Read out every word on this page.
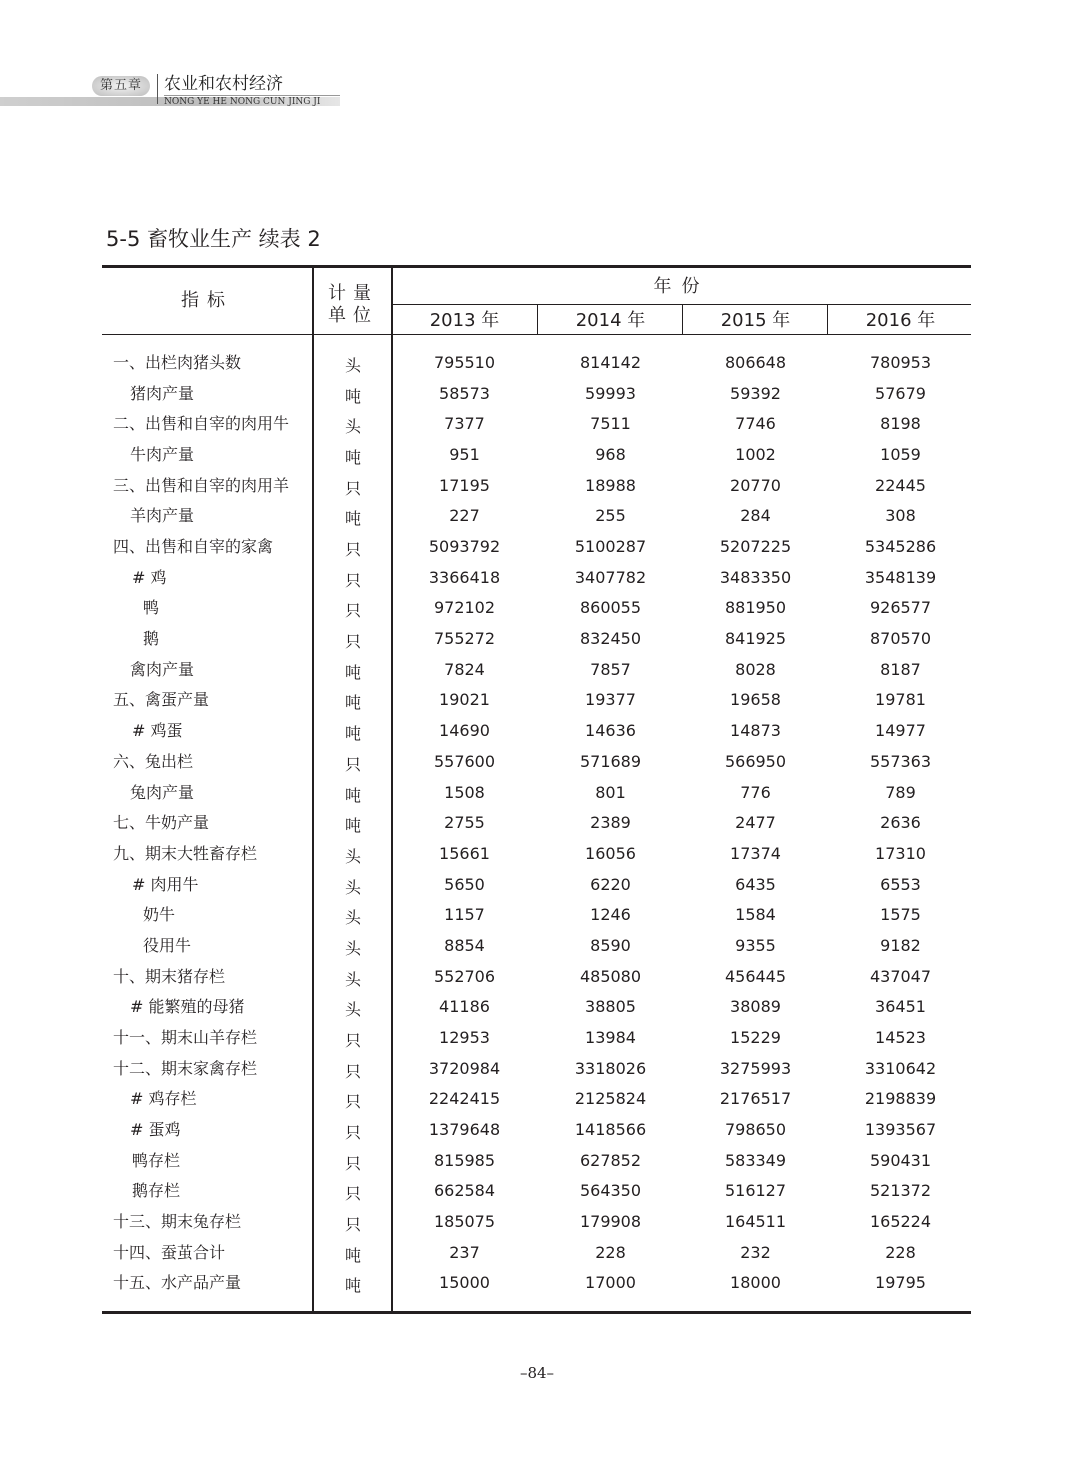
第五章	农业和农村经济
NONG YE HE NONG CUN JING JI
5-5 畜牧业生产 续表 2
指标	计量
单位
年份
2013 年	2014 年	2015 年	2016 年
一、出栏肉猪头数	头	795510	814142	806648	780953
猪肉产量	吨	58573	59993	59392	57679
二、出售和自宰的肉用牛	头	7377	7511	7746	8198
牛肉产量	吨	951	968	1002	1059
三、出售和自宰的肉用羊	只	17195	18988	20770	22445
羊肉产量	吨	227	255	284	308
四、出售和自宰的家禽	只	5093792	5100287	5207225	5345286
# 鸡	只	3366418	3407782	3483350	3548139
鸭	只	972102	860055	881950	926577
鹅	只	755272	832450	841925	870570
禽肉产量	吨	7824	7857	8028	8187
五、禽蛋产量	吨	19021	19377	19658	19781
# 鸡蛋	吨	14690	14636	14873	14977
六、兔出栏	只	557600	571689	566950	557363
兔肉产量	吨	1508	801	776	789
七、牛奶产量	吨	2755	2389	2477	2636
九、期末大牲畜存栏	头	15661	16056	17374	17310
# 肉用牛	头	5650	6220	6435	6553
奶牛	头	1157	1246	1584	1575
役用牛	头	8854	8590	9355	9182
十、期末猪存栏	头	552706	485080	456445	437047
# 能繁殖的母猪	头	41186	38805	38089	36451
十一、期末山羊存栏	只	12953	13984	15229	14523
十二、期末家禽存栏	只	3720984	3318026	3275993	3310642
# 鸡存栏	只	2242415	2125824	2176517	2198839
# 蛋鸡	只	1379648	1418566	798650	1393567
鸭存栏	只	815985	627852	583349	590431
鹅存栏	只	662584	564350	516127	521372
十三、期末兔存栏	只	185075	179908	164511	165224
十四、蚕茧合计	吨	237	228	232	228
十五、水产品产量	吨	15000	17000	18000	19795
–84–
